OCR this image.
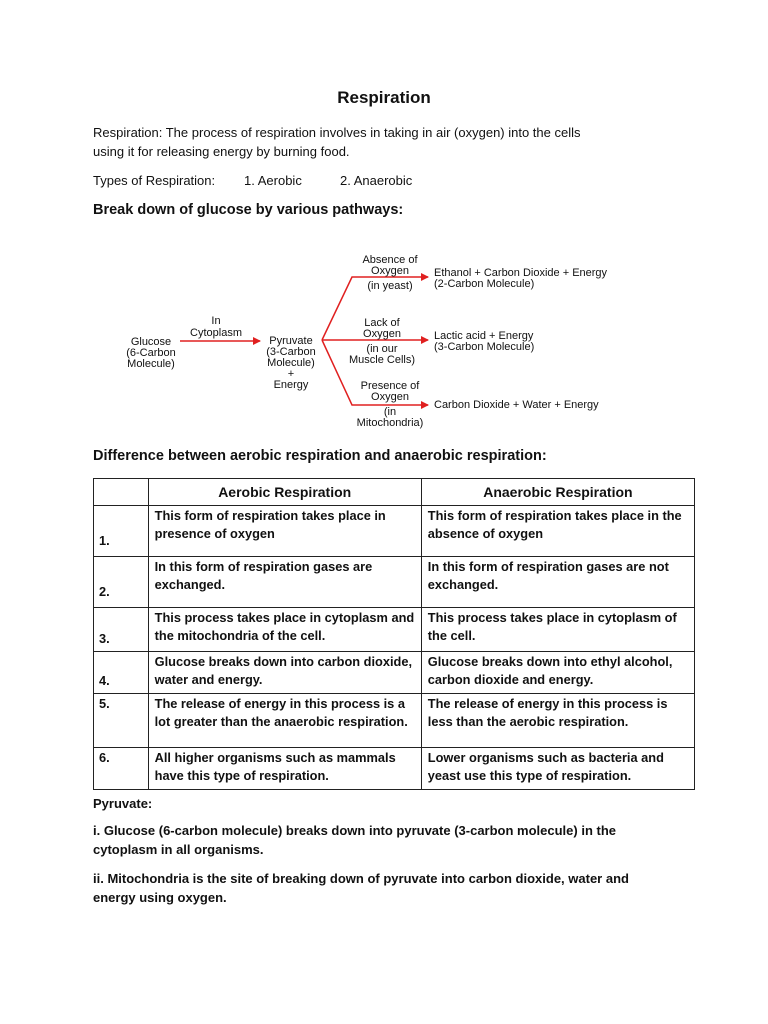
Respiration
Respiration: The process of respiration involves in taking in air (oxygen) into the cells
using it for releasing energy by burning food.
Types of Respiration: 1. Aerobic	2. Anaerobic
Break down of glucose by various pathways:
Glucose
(6-Carbon
Molecule)
In
Cytoplasm
Pyruvate
(3-Carbon
Molecule)
+
Energy
Absence of
Oxygen
(in yeast)
Ethanol + Carbon Dioxide + Energy
(2-Carbon Molecule)
Lack of
Oxygen
(in our
Muscle Cells)
Lactic acid + Energy
(3-Carbon Molecule)
Presence of
Oxygen
(in
Mitochondria)
Carbon Dioxide + Water + Energy
Difference between aerobic respiration and anaerobic respiration:
	Aerobic Respiration	Anaerobic Respiration
1.	This form of respiration takes place in presence of oxygen	This form of respiration takes place in the absence of oxygen
2.	In this form of respiration gases are exchanged.	In this form of respiration gases are not exchanged.
3.	This process takes place in cytoplasm and the mitochondria of the cell.	This process takes place in cytoplasm of the cell.
4.	Glucose breaks down into carbon dioxide, water and energy.	Glucose breaks down into ethyl alcohol, carbon dioxide and energy.
5.	The release of energy in this process is a lot greater than the anaerobic respiration.	The release of energy in this process is less than the aerobic respiration.
6.	All higher organisms such as mammals have this type of respiration.	Lower organisms such as bacteria and yeast use this type of respiration.
Pyruvate:
i. Glucose (6-carbon molecule) breaks down into pyruvate (3-carbon molecule) in the
cytoplasm in all organisms.
ii. Mitochondria is the site of breaking down of pyruvate into carbon dioxide, water and
energy using oxygen.
